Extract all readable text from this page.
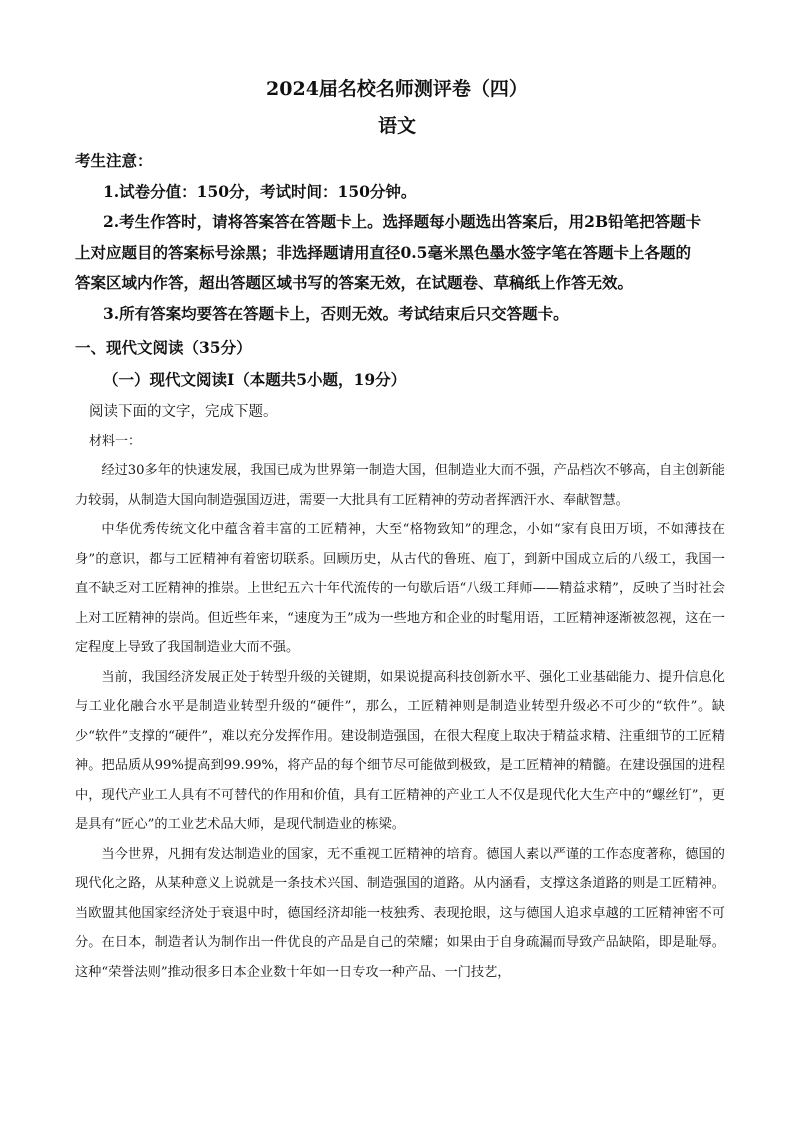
2024届名校名师测评卷（四）
语文
考生注意：
1.试卷分值：150分，考试时间：150分钟。
2.考生作答时，请将答案答在答题卡上。选择题每小题选出答案后，用2B铅笔把答题卡
上对应题目的答案标号涂黑；非选择题请用直径0.5毫米黑色墨水签字笔在答题卡上各题的
答案区域内作答，超出答题区域书写的答案无效，在试题卷、草稿纸上作答无效。
3.所有答案均要答在答题卡上，否则无效。考试结束后只交答题卡。
一、现代文阅读（35分）
（一）现代文阅读Ⅰ（本题共5小题，19分）
阅读下面的文字，完成下题。
材料一：

经过30多年的快速发展，我国已成为世界第一制造大国，但制造业大而不强，产品档次不够高，自主创新能力较弱，从制造大国向制造强国迈进，需要一大批具有工匠精神的劳动者挥洒汗水、奉献智慧。

中华优秀传统文化中蕴含着丰富的工匠精神，大至“格物致知”的理念，小如“家有良田万顷，不如薄技在身”的意识，都与工匠精神有着密切联系。回顾历史，从古代的鲁班、庖丁，到新中国成立后的八级工，我国一直不缺乏对工匠精神的推崇。上世纪五六十年代流传的一句歇后语“八级工拜师——精益求精”，反映了当时社会上对工匠精神的崇尚。但近些年来，“速度为王”成为一些地方和企业的时髦用语，工匠精神逐渐被忽视，这在一定程度上导致了我国制造业大而不强。

当前，我国经济发展正处于转型升级的关键期，如果说提高科技创新水平、强化工业基础能力、提升信息化与工业化融合水平是制造业转型升级的“硬件”，那么，工匠精神则是制造业转型升级必不可少的“软件”。缺少“软件”支撑的“硬件”，难以充分发挥作用。建设制造强国，在很大程度上取决于精益求精、注重细节的工匠精神。把品质从99%提高到99.99%，将产品的每个细节尽可能做到极致，是工匠精神的精髓。在建设强国的进程中，现代产业工人具有不可替代的作用和价值，具有工匠精神的产业工人不仅是现代化大生产中的“螺丝钉”，更是具有“匠心”的工业艺术品大师，是现代制造业的栋梁。

当今世界，凡拥有发达制造业的国家，无不重视工匠精神的培育。德国人素以严谨的工作态度著称，德国的现代化之路，从某种意义上说就是一条技术兴国、制造强国的道路。从内涵看，支撑这条道路的则是工匠精神。当欧盟其他国家经济处于衰退中时，德国经济却能一枝独秀、表现抢眼，这与德国人追求卓越的工匠精神密不可分。在日本，制造者认为制作出一件优良的产品是自己的荣耀；如果由于自身疏漏而导致产品缺陷，即是耻辱。这种“荣誉法则”推动很多日本企业数十年如一日专攻一种产品、一门技艺，
